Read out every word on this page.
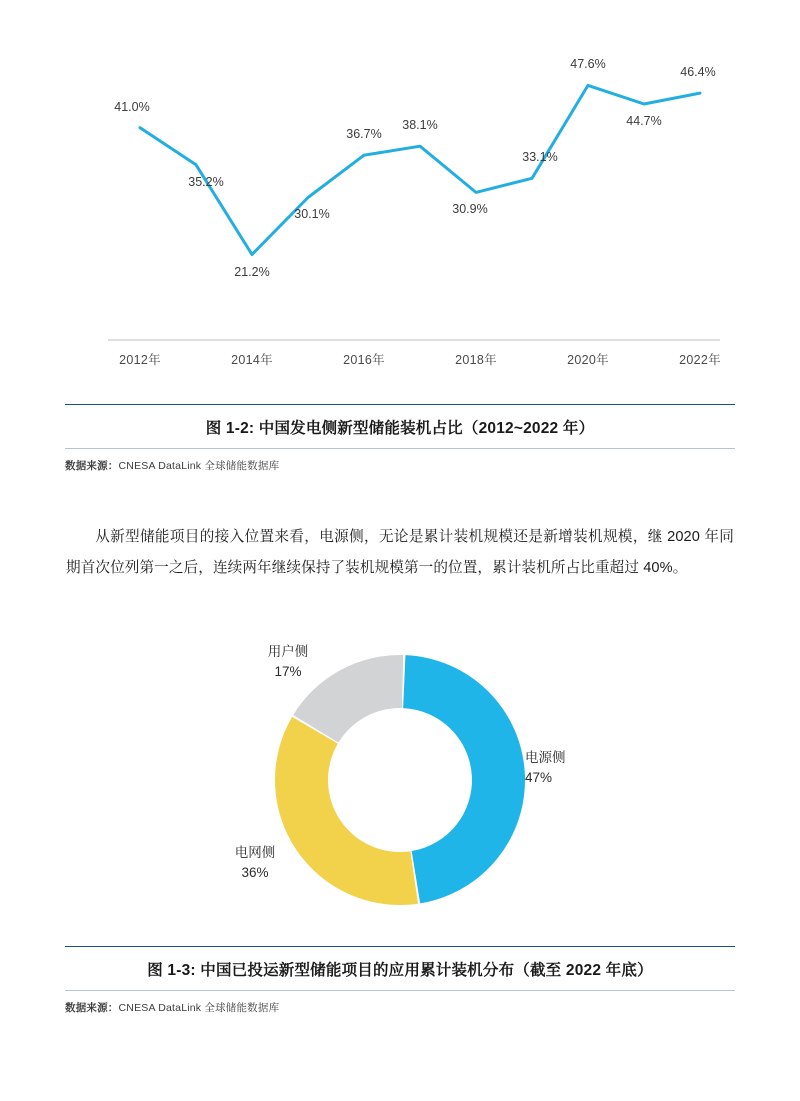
41.0%
35.2%
21.2%
30.1%
36.7%
38.1%
30.9%
33.1%
47.6%
44.7%
46.4%
2012年	2014年	2016年	2018年	2020年	2022年
图 1-2: 中国发电侧新型储能装机占比（2012~2022 年）
数据来源：CNESA DataLink 全球储能数据库
从新型储能项目的接入位置来看，电源侧，无论是累计装机规模还是新增装机规模，继 2020 年同期首次位列第一之后，连续两年继续保持了装机规模第一的位置，累计装机所占比重超过 40%。
用户侧
17%
电源侧
47%
电网侧
36%
图 1-3: 中国已投运新型储能项目的应用累计装机分布（截至 2022 年底）
数据来源：CNESA DataLink 全球储能数据库
